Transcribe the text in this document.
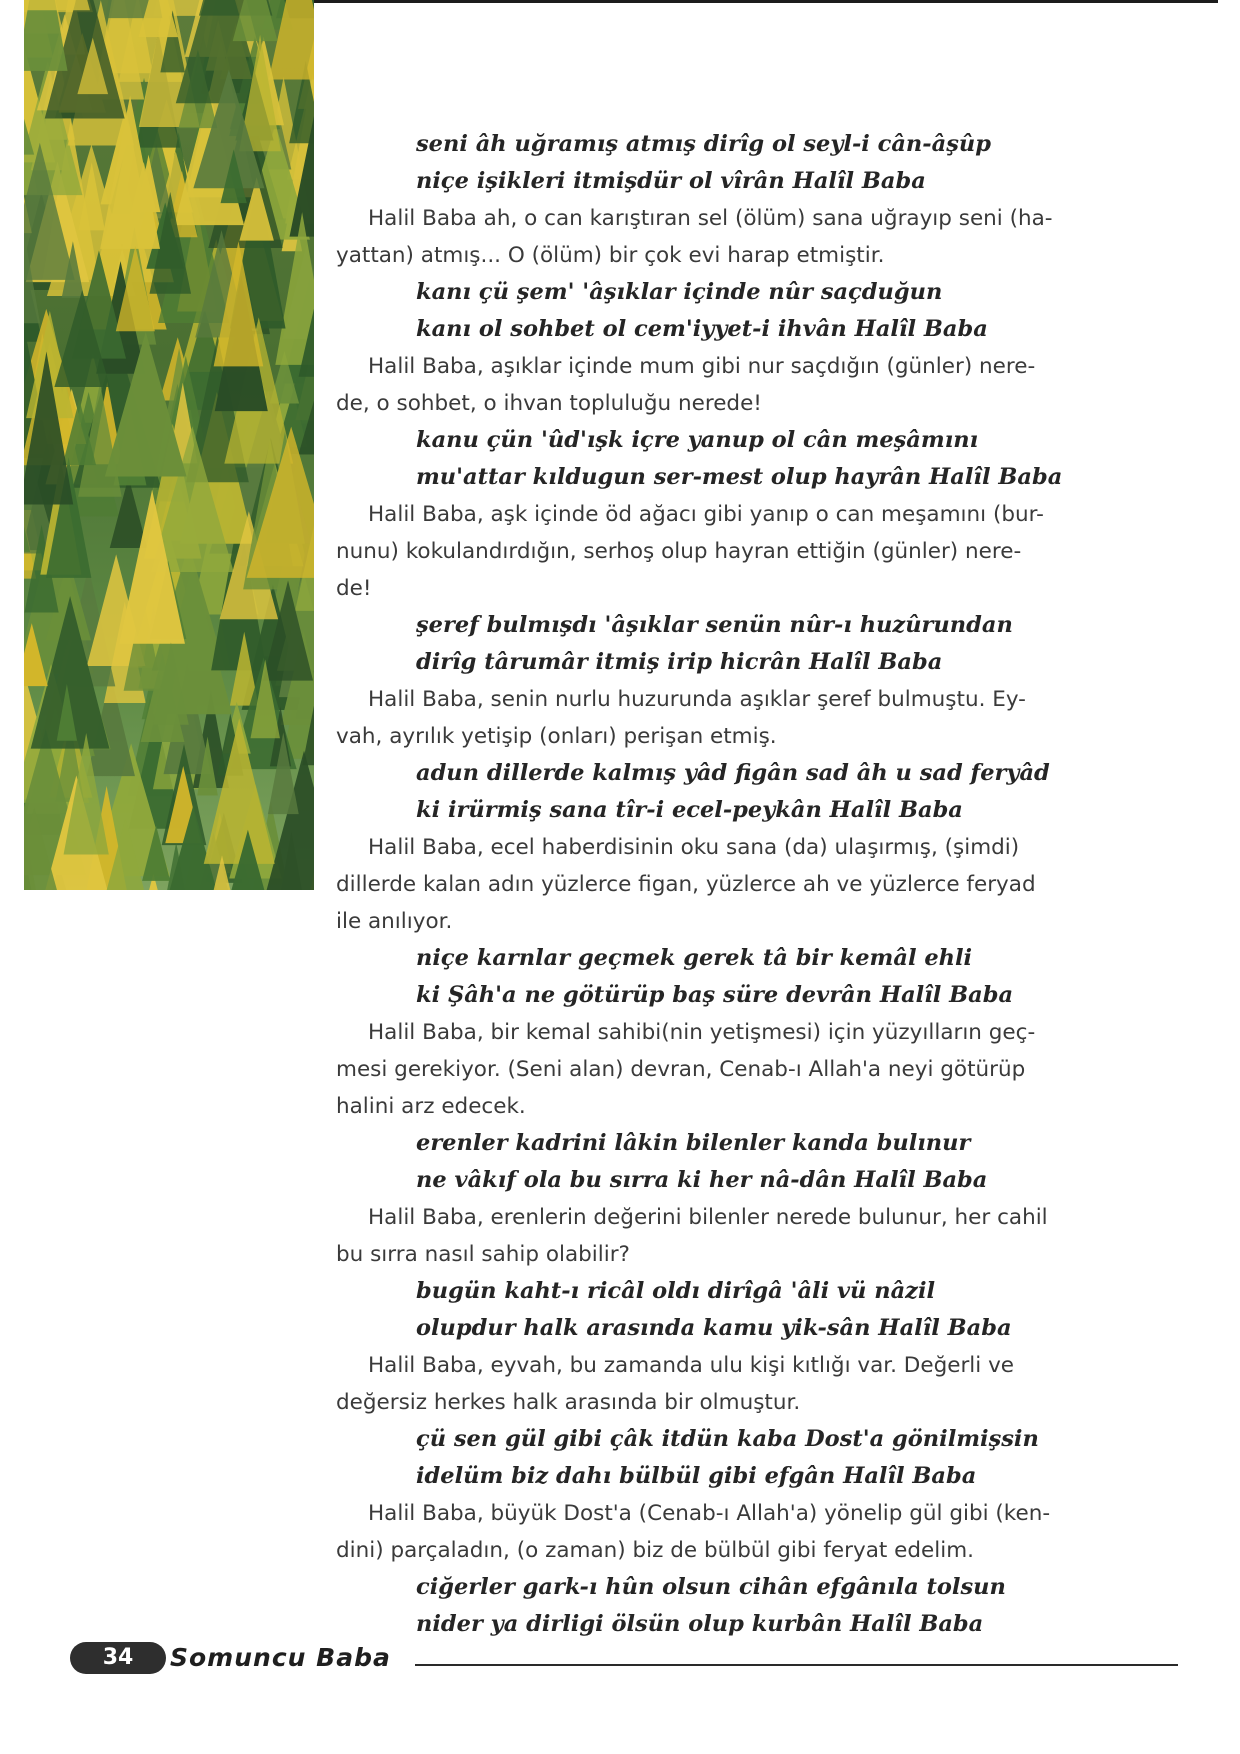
seni âh uğramış atmış dirîg ol seyl-i cân-âşûp

niçe işikleri itmişdür ol vîrân Halîl Baba

Halil Baba ah, o can karıştıran sel (ölüm) sana uğrayıp seni (ha-

yattan) atmış... O (ölüm) bir çok evi harap etmiştir.

kanı çü şem' 'âşıklar içinde nûr saçduğun

kanı ol sohbet ol cem'iyyet-i ihvân Halîl Baba

Halil Baba, aşıklar içinde mum gibi nur saçdığın (günler) nere-

de, o sohbet, o ihvan topluluğu nerede!

kanu çün 'ûd'ışk içre yanup ol cân meşâmını

mu'attar kıldugun ser-mest olup hayrân Halîl Baba

Halil Baba, aşk içinde öd ağacı gibi yanıp o can meşamını (bur-

nunu) kokulandırdığın, serhoş olup hayran ettiğin (günler) nere-

de!

şeref bulmışdı 'âşıklar senün nûr-ı huzûrundan

dirîg târumâr itmiş irip hicrân Halîl Baba

Halil Baba, senin nurlu huzurunda aşıklar şeref bulmuştu. Ey-

vah, ayrılık yetişip (onları) perişan etmiş.

adun dillerde kalmış yâd figân sad âh u sad feryâd

ki irürmiş sana tîr-i ecel-peykân Halîl Baba

Halil Baba, ecel haberdisinin oku sana (da) ulaşırmış, (şimdi)

dillerde kalan adın yüzlerce figan, yüzlerce ah ve yüzlerce feryad

ile anılıyor.

niçe karnlar geçmek gerek tâ bir kemâl ehli

ki Şâh'a ne götürüp baş süre devrân Halîl Baba

Halil Baba, bir kemal sahibi(nin yetişmesi) için yüzyılların geç-

mesi gerekiyor. (Seni alan) devran, Cenab-ı Allah'a neyi götürüp

halini arz edecek.

erenler kadrini lâkin bilenler kanda bulınur

ne vâkıf ola bu sırra ki her nâ-dân Halîl Baba

Halil Baba, erenlerin değerini bilenler nerede bulunur, her cahil

bu sırra nasıl sahip olabilir?

bugün kaht-ı ricâl oldı dirîgâ 'âli vü nâzil

olupdur halk arasında kamu yik-sân Halîl Baba

Halil Baba, eyvah, bu zamanda ulu kişi kıtlığı var. Değerli ve

değersiz herkes halk arasında bir olmuştur.

çü sen gül gibi çâk itdün kaba Dost'a gönilmişsin

idelüm biz dahı bülbül gibi efgân Halîl Baba

Halil Baba, büyük Dost'a (Cenab-ı Allah'a) yönelip gül gibi (ken-

dini) parçaladın, (o zaman) biz de bülbül gibi feryat edelim.

ciğerler gark-ı hûn olsun cihân efgânıla tolsun

nider ya dirligi ölsün olup kurbân Halîl Baba

34	Somuncu Baba
